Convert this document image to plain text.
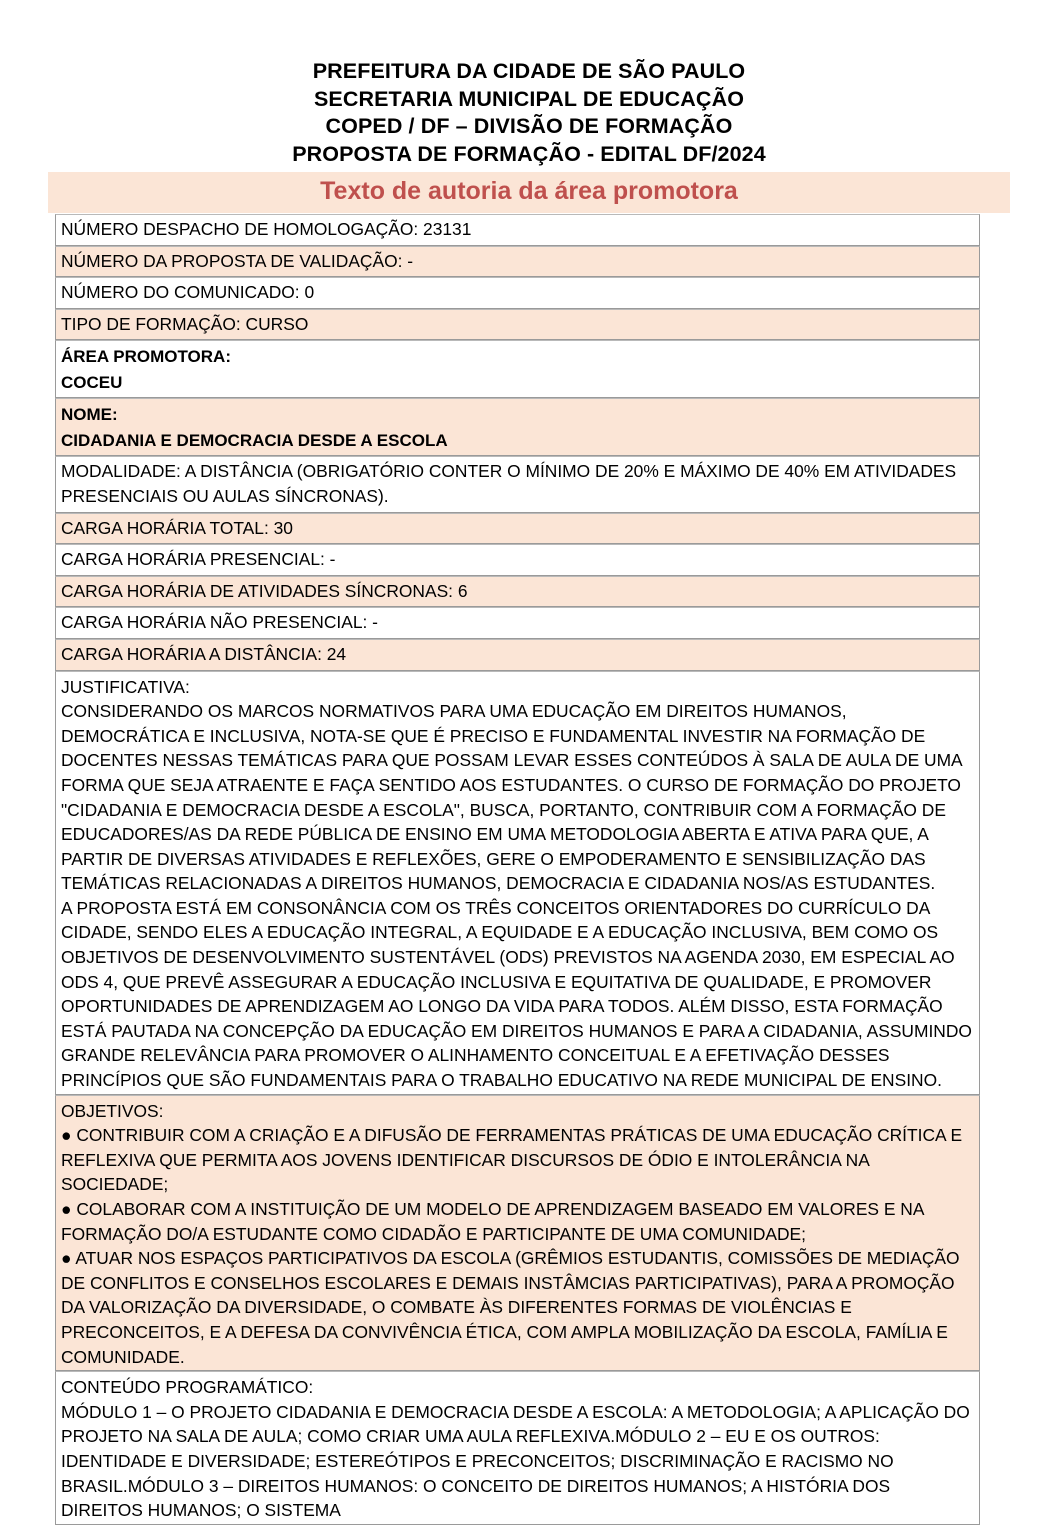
PREFEITURA DA CIDADE DE SÃO PAULO
SECRETARIA MUNICIPAL DE EDUCAÇÃO
COPED / DF – DIVISÃO DE FORMAÇÃO
PROPOSTA DE FORMAÇÃO - EDITAL DF/2024
Texto de autoria da área promotora
NÚMERO DESPACHO DE HOMOLOGAÇÃO: 23131
NÚMERO DA PROPOSTA DE VALIDAÇÃO: -
NÚMERO DO COMUNICADO: 0
TIPO DE FORMAÇÃO: CURSO

ÁREA PROMOTORA:
COCEU

NOME:
CIDADANIA E DEMOCRACIA DESDE A ESCOLA

MODALIDADE: A DISTÂNCIA (OBRIGATÓRIO CONTER O MÍNIMO DE 20% E MÁXIMO DE 40% EM ATIVIDADES PRESENCIAIS OU AULAS SÍNCRONAS).
CARGA HORÁRIA TOTAL: 30
CARGA HORÁRIA PRESENCIAL: -
CARGA HORÁRIA DE ATIVIDADES SÍNCRONAS: 6
CARGA HORÁRIA NÃO PRESENCIAL: -
CARGA HORÁRIA A DISTÂNCIA: 24

JUSTIFICATIVA:
CONSIDERANDO OS MARCOS NORMATIVOS PARA UMA EDUCAÇÃO EM DIREITOS HUMANOS, DEMOCRÁTICA E INCLUSIVA, NOTA-SE QUE É PRECISO E FUNDAMENTAL INVESTIR NA FORMAÇÃO DE DOCENTES NESSAS TEMÁTICAS PARA QUE POSSAM LEVAR ESSES CONTEÚDOS À SALA DE AULA DE UMA FORMA QUE SEJA ATRAENTE E FAÇA SENTIDO AOS ESTUDANTES. O CURSO DE FORMAÇÃO DO PROJETO "CIDADANIA E DEMOCRACIA DESDE A ESCOLA", BUSCA, PORTANTO, CONTRIBUIR COM A FORMAÇÃO DE EDUCADORES/AS DA REDE PÚBLICA DE ENSINO EM UMA METODOLOGIA ABERTA E ATIVA PARA QUE, A PARTIR DE DIVERSAS ATIVIDADES E REFLEXÕES, GERE O EMPODERAMENTO E SENSIBILIZAÇÃO DAS TEMÁTICAS RELACIONADAS A DIREITOS HUMANOS, DEMOCRACIA E CIDADANIA NOS/AS ESTUDANTES.
A PROPOSTA ESTÁ EM CONSONÂNCIA COM OS TRÊS CONCEITOS ORIENTADORES DO CURRÍCULO DA CIDADE, SENDO ELES A EDUCAÇÃO INTEGRAL, A EQUIDADE E A EDUCAÇÃO INCLUSIVA, BEM COMO OS OBJETIVOS DE DESENVOLVIMENTO SUSTENTÁVEL (ODS) PREVISTOS NA AGENDA 2030, EM ESPECIAL AO ODS 4, QUE PREVÊ ASSEGURAR A EDUCAÇÃO INCLUSIVA E EQUITATIVA DE QUALIDADE, E PROMOVER OPORTUNIDADES DE APRENDIZAGEM AO LONGO DA VIDA PARA TODOS. ALÉM DISSO, ESTA FORMAÇÃO ESTÁ PAUTADA NA CONCEPÇÃO DA EDUCAÇÃO EM DIREITOS HUMANOS E PARA A CIDADANIA, ASSUMINDO GRANDE RELEVÂNCIA PARA PROMOVER O ALINHAMENTO CONCEITUAL E A EFETIVAÇÃO DESSES PRINCÍPIOS QUE SÃO FUNDAMENTAIS PARA O TRABALHO EDUCATIVO NA REDE MUNICIPAL DE ENSINO.

OBJETIVOS:
● CONTRIBUIR COM A CRIAÇÃO E A DIFUSÃO DE FERRAMENTAS PRÁTICAS DE UMA EDUCAÇÃO CRÍTICA E REFLEXIVA QUE PERMITA AOS JOVENS IDENTIFICAR DISCURSOS DE ÓDIO E INTOLERÂNCIA NA SOCIEDADE;
● COLABORAR COM A INSTITUIÇÃO DE UM MODELO DE APRENDIZAGEM BASEADO EM VALORES E NA FORMAÇÃO DO/A ESTUDANTE COMO CIDADÃO E PARTICIPANTE DE UMA COMUNIDADE;
● ATUAR NOS ESPAÇOS PARTICIPATIVOS DA ESCOLA (GRÊMIOS ESTUDANTIS, COMISSÕES DE MEDIAÇÃO DE CONFLITOS E CONSELHOS ESCOLARES E DEMAIS INSTÂMCIAS PARTICIPATIVAS), PARA A PROMOÇÃO DA VALORIZAÇÃO DA DIVERSIDADE, O COMBATE ÀS DIFERENTES FORMAS DE VIOLÊNCIAS E PRECONCEITOS, E A DEFESA DA CONVIVÊNCIA ÉTICA, COM AMPLA MOBILIZAÇÃO DA ESCOLA, FAMÍLIA E COMUNIDADE.

CONTEÚDO PROGRAMÁTICO:
MÓDULO 1 – O PROJETO CIDADANIA E DEMOCRACIA DESDE A ESCOLA: A METODOLOGIA; A APLICAÇÃO DO PROJETO NA SALA DE AULA; COMO CRIAR UMA AULA REFLEXIVA.MÓDULO 2 – EU E OS OUTROS: IDENTIDADE E DIVERSIDADE; ESTEREÓTIPOS E PRECONCEITOS; DISCRIMINAÇÃO E RACISMO NO BRASIL.MÓDULO 3 – DIREITOS HUMANOS: O CONCEITO DE DIREITOS HUMANOS; A HISTÓRIA DOS DIREITOS HUMANOS; O SISTEMA
